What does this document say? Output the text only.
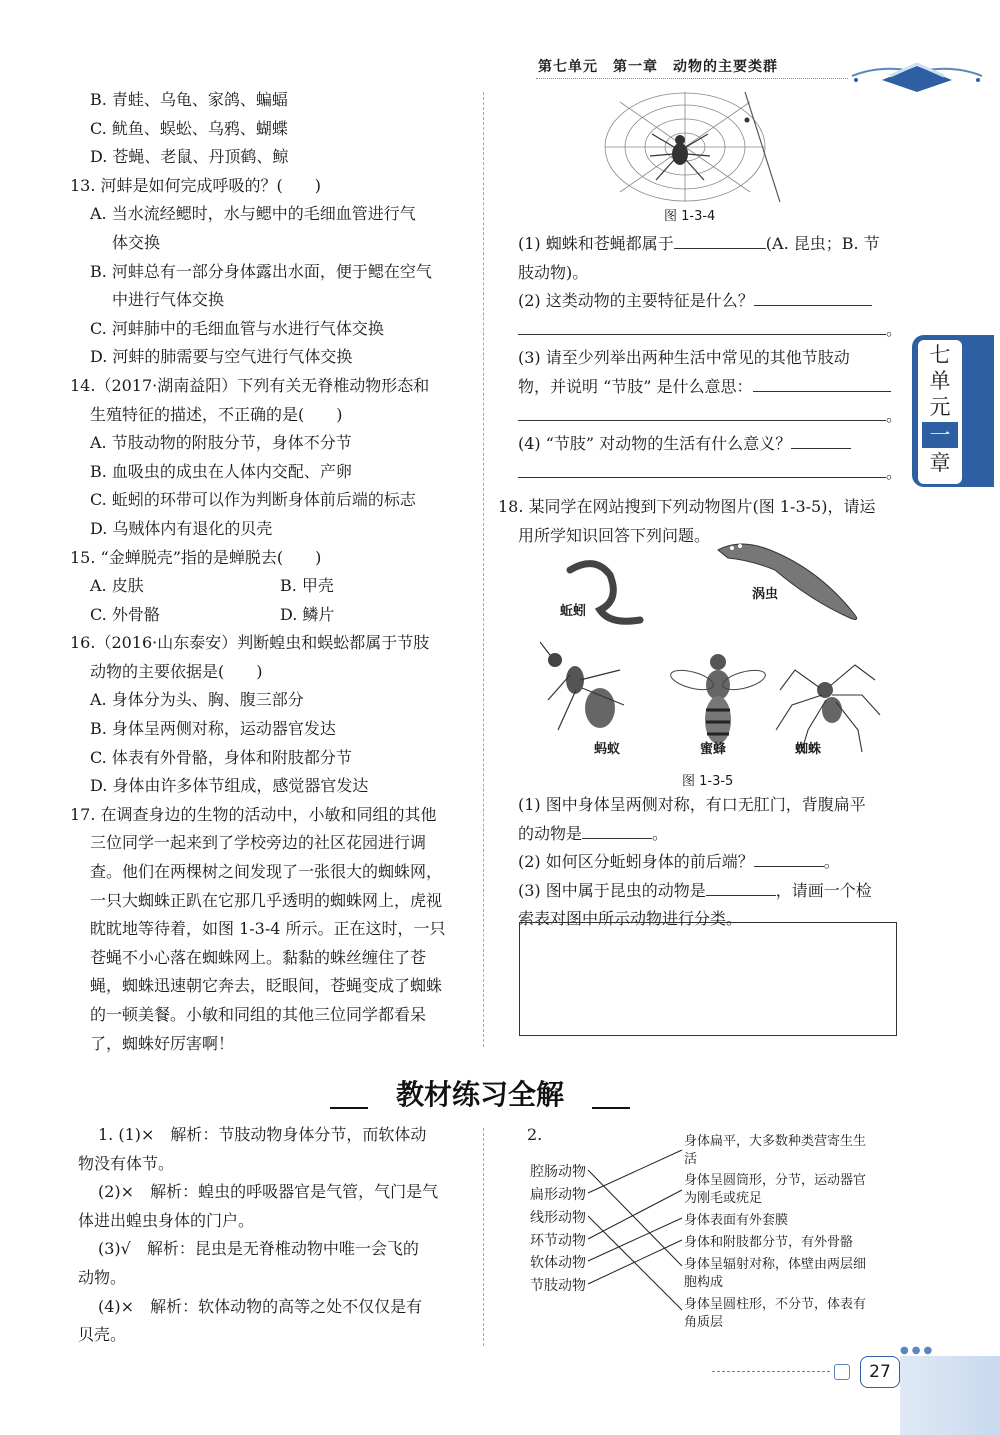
第七单元　第一章　动物的主要类群
七
单
元
一
章

B. 青蛙、乌龟、家鸽、蝙蝠

C. 鱿鱼、蜈蚣、乌鸦、蝴蝶

D. 苍蝇、老鼠、丹顶鹤、鲸

13. 河蚌是如何完成呼吸的？(　　)

A. 当水流经鳃时，水与鳃中的毛细血管进行气

体交换

B. 河蚌总有一部分身体露出水面，便于鳃在空气

中进行气体交换

C. 河蚌肺中的毛细血管与水进行气体交换

D. 河蚌的肺需要与空气进行气体交换

14.（2017·湖南益阳）下列有关无脊椎动物形态和

生殖特征的描述，不正确的是(　　)

A. 节肢动物的附肢分节，身体不分节

B. 血吸虫的成虫在人体内交配、产卵

C. 蚯蚓的环带可以作为判断身体前后端的标志

D. 乌贼体内有退化的贝壳

15. “金蝉脱壳”指的是蝉脱去(　　)

A. 皮肤	B. 甲壳

C. 外骨骼	D. 鳞片

16.（2016·山东泰安）判断蝗虫和蜈蚣都属于节肢

动物的主要依据是(　　)

A. 身体分为头、胸、腹三部分

B. 身体呈两侧对称，运动器官发达

C. 体表有外骨骼，身体和附肢都分节

D. 身体由许多体节组成，感觉器官发达

17. 在调查身边的生物的活动中，小敏和同组的其他

三位同学一起来到了学校旁边的社区花园进行调

查。他们在两棵树之间发现了一张很大的蜘蛛网，

一只大蜘蛛正趴在它那几乎透明的蜘蛛网上，虎视

眈眈地等待着，如图 1-3-4 所示。正在这时，一只

苍蝇不小心落在蜘蛛网上。黏黏的蛛丝缠住了苍

蝇，蜘蛛迅速朝它奔去，眨眼间，苍蝇变成了蜘蛛

的一顿美餐。小敏和同组的其他三位同学都看呆

了，蜘蛛好厉害啊！

图 1-3-4

(1) 蜘蛛和苍蝇都属于	(A. 昆虫；B. 节

肢动物)。

(2) 这类动物的主要特征是什么？

。

(3) 请至少列举出两种生活中常见的其他节肢动

物，并说明 “节肢” 是什么意思：

。

(4) “节肢” 对动物的生活有什么意义？

。

18. 某同学在网站搜到下列动物图片(图 1-3-5)，请运

用所学知识回答下列问题。

蚯蚓
涡虫
蚂蚁	蜜蜂	蜘蛛
图 1-3-5

(1) 图中身体呈两侧对称，有口无肛门，背腹扁平

的动物是	。

(2) 如何区分蚯蚓身体的前后端？	。

(3) 图中属于昆虫的动物是	，请画一个检

索表对图中所示动物进行分类。

教材练习全解

1. (1)×　解析：节肢动物身体分节，而软体动

物没有体节。

(2)×　解析：蝗虫的呼吸器官是气管，气门是气

体进出蝗虫身体的门户。

(3)√　解析：昆虫是无脊椎动物中唯一会飞的

动物。

(4)×　解析：软体动物的高等之处不仅仅是有

贝壳。

2.
腔肠动物
扁形动物
线形动物
环节动物
软体动物
节肢动物
身体扁平，大多数种类营寄生生活
身体呈圆筒形，分节，运动器官为刚毛或疣足
身体表面有外套膜
身体和附肢都分节，有外骨骼
身体呈辐射对称，体壁由两层细胞构成
身体呈圆柱形，不分节，体表有角质层
●●●
27
